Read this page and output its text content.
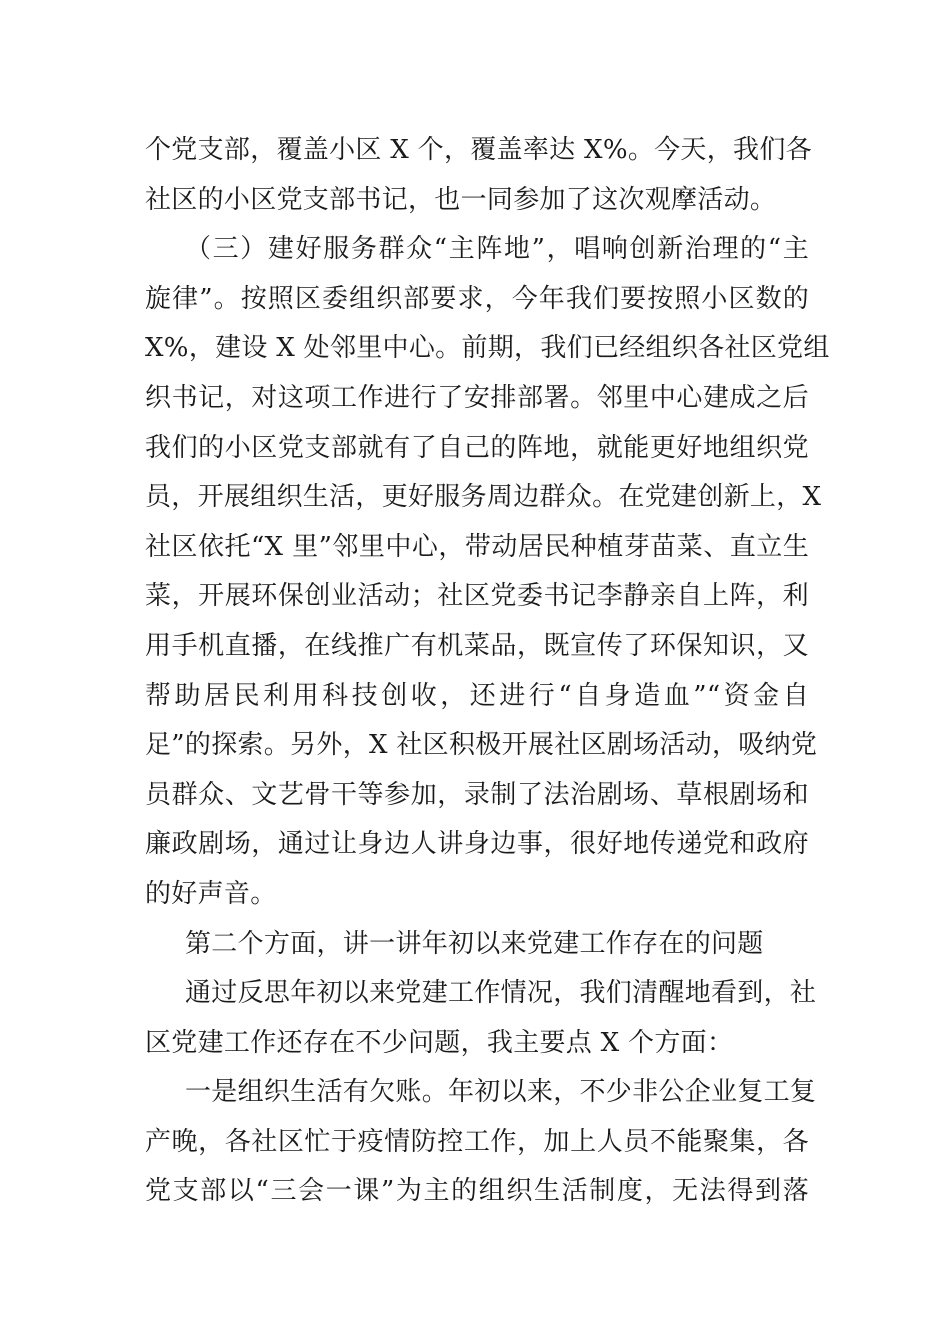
个党支部，覆盖小区 X 个，覆盖率达 X%。今天，我们各
社区的小区党支部书记，也一同参加了这次观摩活动。
（三）建好服务群众“主阵地”，唱响创新治理的“主
旋律”。按照区委组织部要求，今年我们要按照小区数的
X%，建设 X 处邻里中心。前期，我们已经组织各社区党组
织书记，对这项工作进行了安排部署。邻里中心建成之后
我们的小区党支部就有了自己的阵地，就能更好地组织党
员，开展组织生活，更好服务周边群众。在党建创新上，X
社区依托“X 里”邻里中心，带动居民种植芽苗菜、直立生
菜，开展环保创业活动；社区党委书记李静亲自上阵，利
用手机直播，在线推广有机菜品，既宣传了环保知识，又
帮助居民利用科技创收，还进行“自身造血”“资金自
足”的探索。另外，X 社区积极开展社区剧场活动，吸纳党
员群众、文艺骨干等参加，录制了法治剧场、草根剧场和
廉政剧场，通过让身边人讲身边事，很好地传递党和政府
的好声音。
第二个方面，讲一讲年初以来党建工作存在的问题
通过反思年初以来党建工作情况，我们清醒地看到，社
区党建工作还存在不少问题，我主要点 X 个方面：
一是组织生活有欠账。年初以来，不少非公企业复工复
产晚，各社区忙于疫情防控工作，加上人员不能聚集，各
党支部以“三会一课”为主的组织生活制度，无法得到落
